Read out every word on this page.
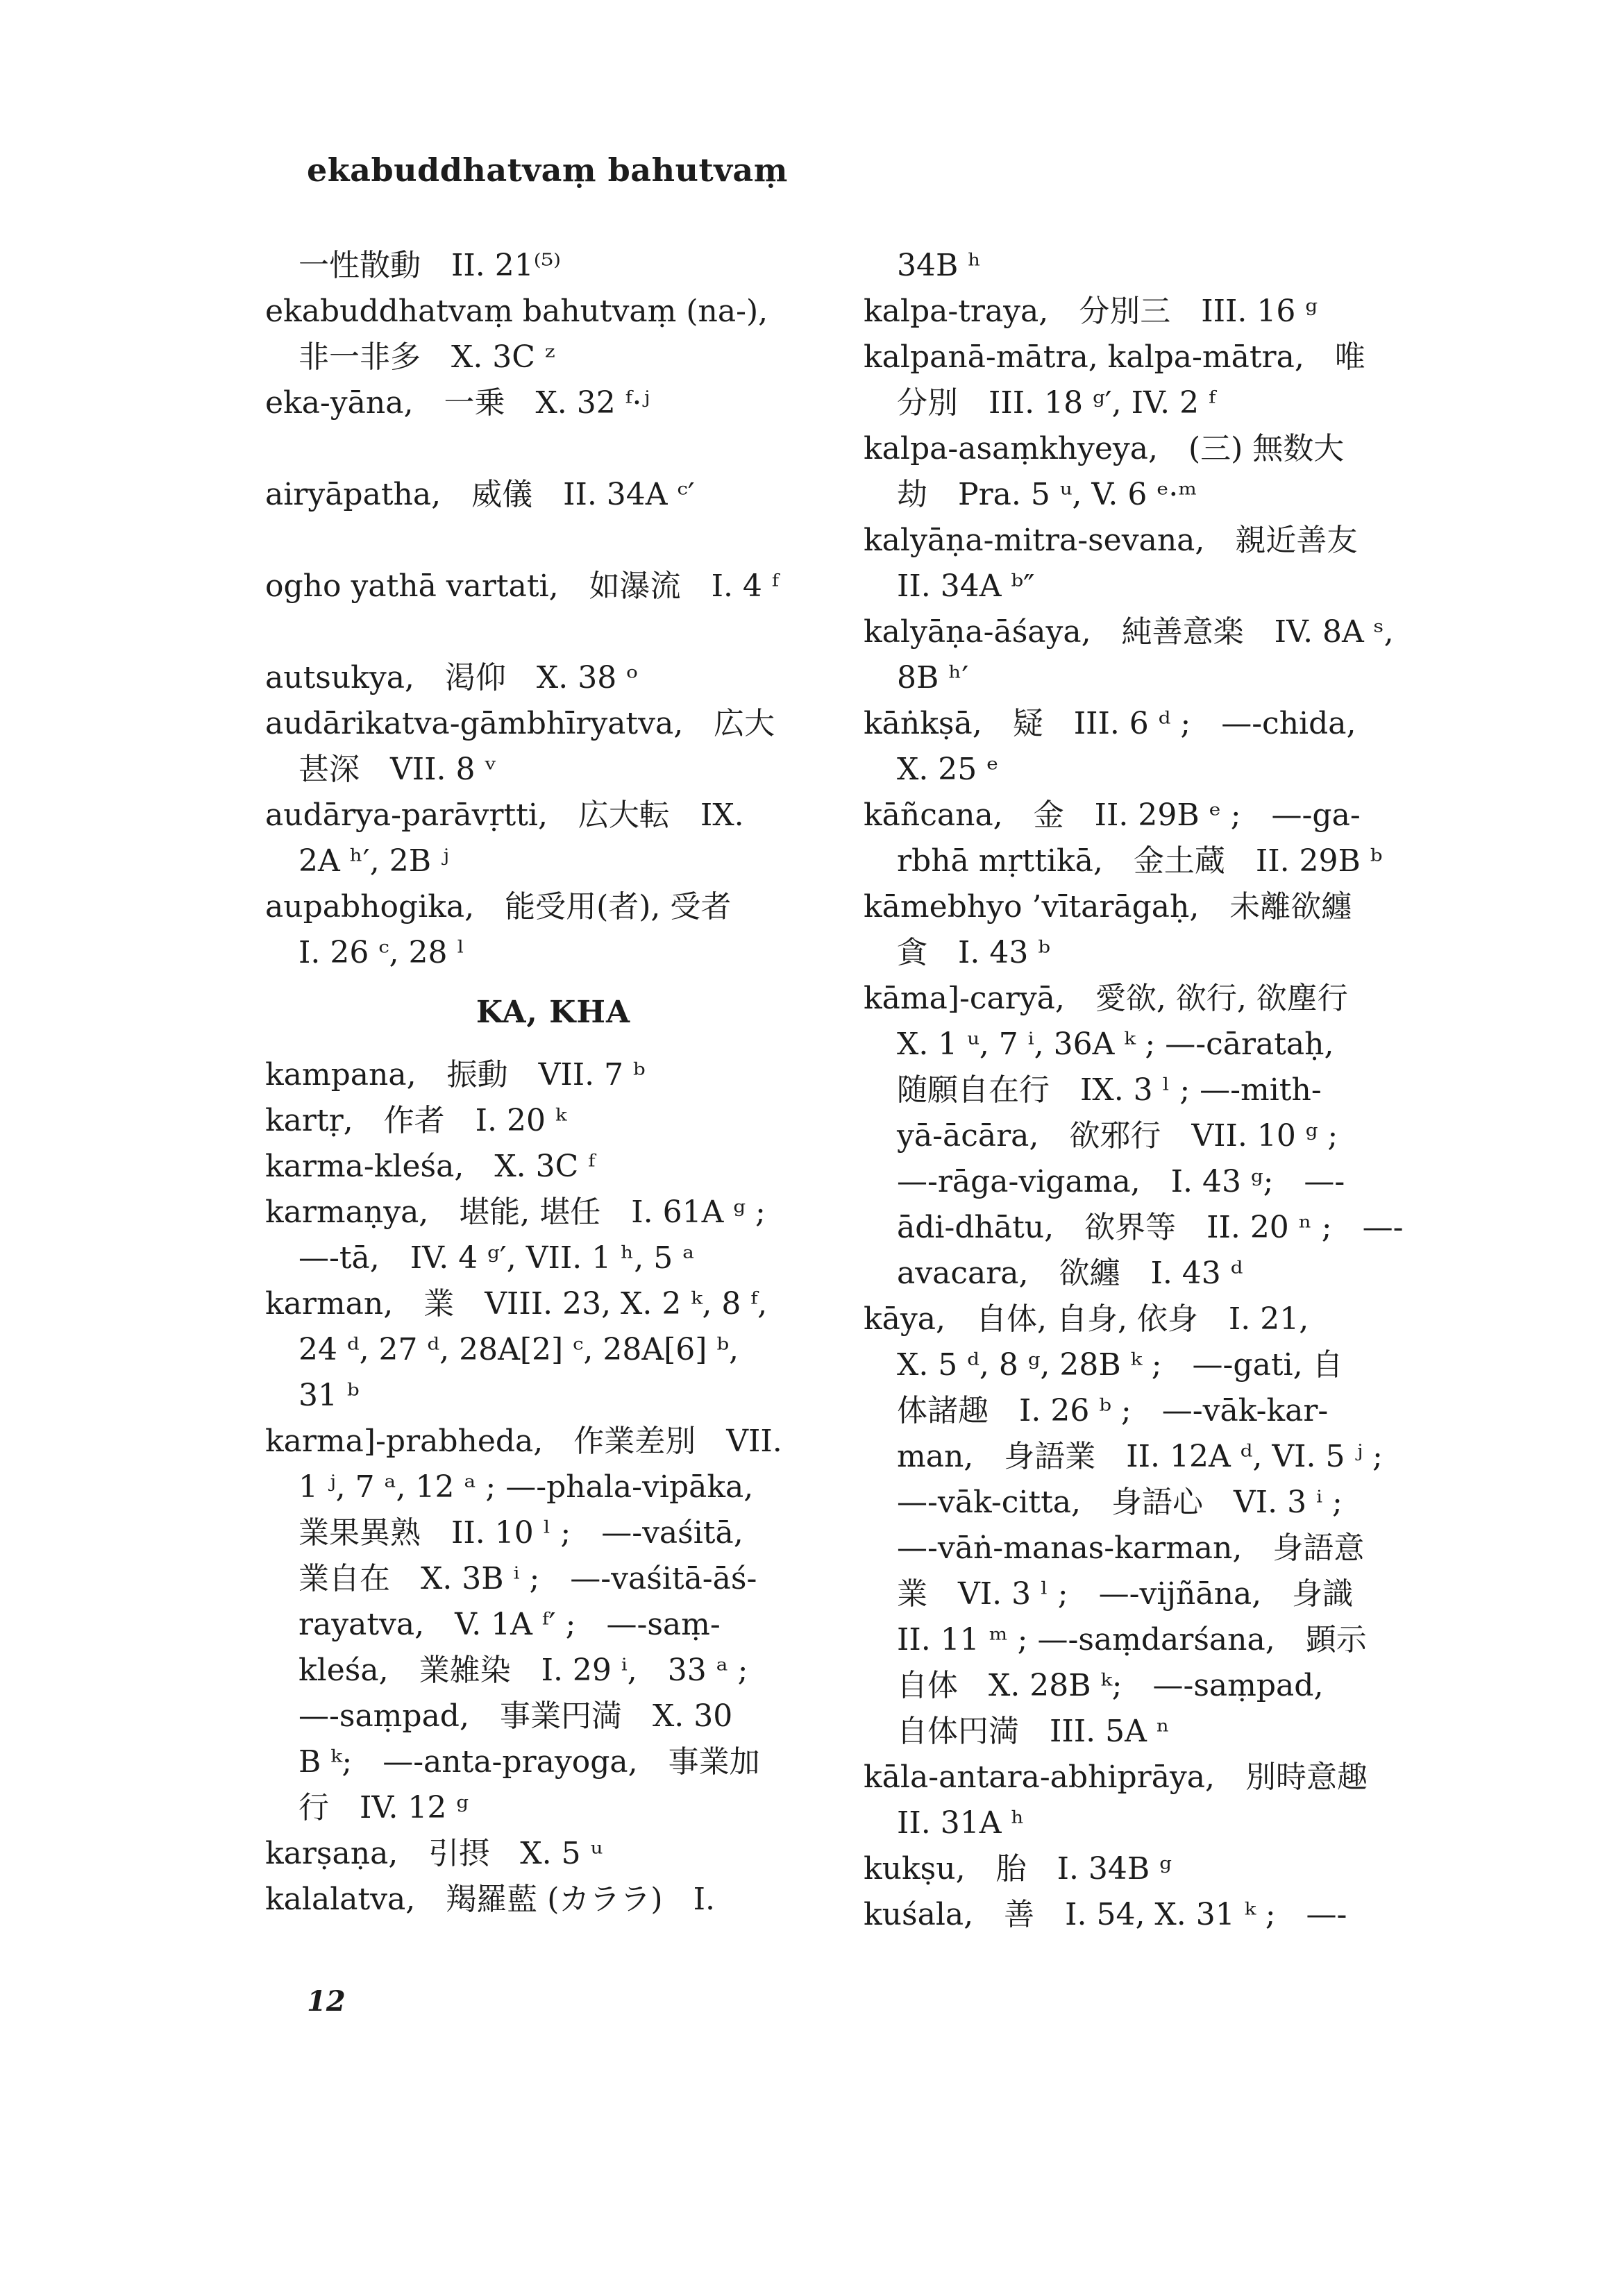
ekabuddhatvaṃ bahutvaṃ
一性散動　II. 21⁽⁵⁾
ekabuddhatvaṃ bahutvaṃ (na-),
非一非多　X. 3C ᶻ
eka-yāna,　一乗　X. 32 ᶠ·ʲ
airyāpatha,　威儀　II. 34A ᶜ′
ogho yathā vartati,　如瀑流　I. 4 ᶠ
autsukya,　渇仰　X. 38 ᵒ
audārikatva-gāmbhīryatva,　広大
甚深　VII. 8 ᵛ
audārya-parāvṛtti,　広大転　IX.
2A ʰ′, 2B ʲ
aupabhogika,　能受用(者), 受者
I. 26 ᶜ, 28 ˡ
KA, KHA
kampana,　振動　VII. 7 ᵇ
kartṛ,　作者　I. 20 ᵏ
karma-kleśa,　X. 3C ᶠ
karmaṇya,　堪能, 堪任　I. 61A ᵍ ;
—-tā,　IV. 4 ᵍ′, VII. 1 ʰ, 5 ᵃ
karman,　業　VIII. 23, X. 2 ᵏ, 8 ᶠ,
24 ᵈ, 27 ᵈ, 28A[2] ᶜ, 28A[6] ᵇ,
31 ᵇ
karma]-prabheda,　作業差別　VII.
1 ʲ, 7 ᵃ, 12 ᵃ ; —-phala-vipāka,
業果異熟　II. 10 ˡ ;　—-vaśitā,
業自在　X. 3B ⁱ ;　—-vaśitā-āś-
rayatva,　V. 1A ᶠ′ ;　—-saṃ-
kleśa,　業雑染　I. 29 ⁱ,　33 ᵃ ;
—-saṃpad,　事業円満　X. 30
B ᵏ;　—-anta-prayoga,　事業加
行　IV. 12 ᵍ
karṣaṇa,　引摂　X. 5 ᵘ
kalalatva,　羯羅藍 (カララ)　I.
34B ʰ
kalpa-traya,　分別三　III. 16 ᵍ
kalpanā-mātra, kalpa-mātra,　唯
分別　III. 18 ᵍ′, IV. 2 ᶠ
kalpa-asaṃkhyeya,　(三) 無数大
劫　Pra. 5 ᵘ, V. 6 ᵉ·ᵐ
kalyāṇa-mitra-sevana,　親近善友
II. 34A ᵇ″
kalyāṇa-āśaya,　純善意楽　IV. 8A ˢ,
8B ʰ′
kāṅkṣā,　疑　III. 6 ᵈ ;　—-chida,
X. 25 ᵉ
kāñcana,　金　II. 29B ᵉ ;　—-ga-
rbhā mṛttikā,　金土蔵　II. 29B ᵇ
kāmebhyo ’vītarāgaḥ,　未離欲纏
貪　I. 43 ᵇ
kāma]-caryā,　愛欲, 欲行, 欲塵行
X. 1 ᵘ, 7 ⁱ, 36A ᵏ ; —-cārataḥ,
随願自在行　IX. 3 ˡ ; —-mith-
yā-ācāra,　欲邪行　VII. 10 ᵍ ;
—-rāga-vigama,　I. 43 ᵍ;　—-
ādi-dhātu,　欲界等　II. 20 ⁿ ;　—-
avacara,　欲纏　I. 43 ᵈ
kāya,　自体, 自身, 依身　I. 21,
X. 5 ᵈ, 8 ᵍ, 28B ᵏ ;　—-gati, 自
体諸趣　I. 26 ᵇ ;　—-vāk-kar-
man,　身語業　II. 12A ᵈ, VI. 5 ʲ ;
—-vāk-citta,　身語心　VI. 3 ⁱ ;
—-vāṅ-manas-karman,　身語意
業　VI. 3 ˡ ;　—-vijñāna,　身識
II. 11 ᵐ ; —-saṃdarśana,　顕示
自体　X. 28B ᵏ;　—-saṃpad,
自体円満　III. 5A ⁿ
kāla-antara-abhiprāya,　別時意趣
II. 31A ʰ
kukṣu,　胎　I. 34B ᵍ
kuśala,　善　I. 54, X. 31 ᵏ ;　—-
12
